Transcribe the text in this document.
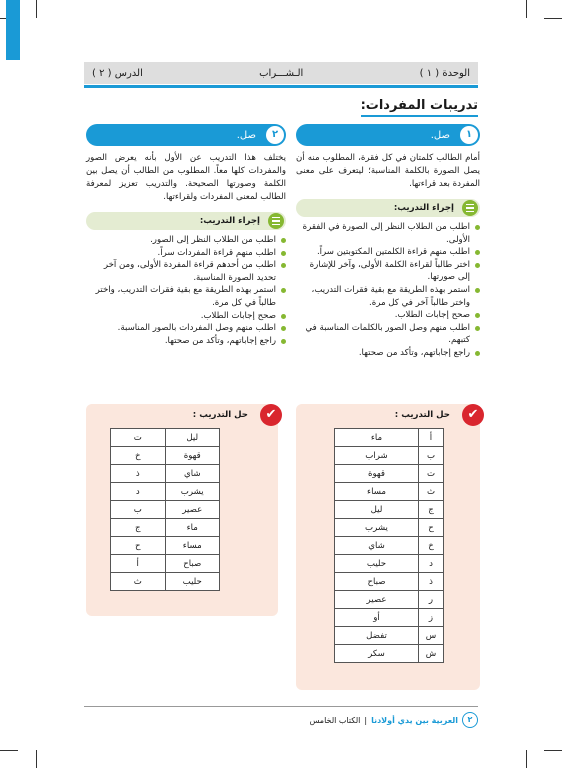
الوحدة ( ١ )
الـشـــراب
الدرس ( ٢ )
تدريبات المفردات:
١
صل.
أمام الطالب كلمتان في كل فقرة، المطلوب منه أن يصل الصورة بالكلمة المناسبة؛ ليتعرف على معنى المفردة بعد قراءتها.
إجراء التدريب:
اطلب من الطلاب النظر إلى الصورة في الفقرة الأولى.
اطلب منهم قراءة الكلمتين المكتوبتين سراً.
اختر طالباً لقراءة الكلمة الأولى، وآخر للإشارة إلى صورتها.
استمر بهذه الطريقة مع بقية فقرات التدريب، واختر طالباً آخر في كل مرة.
صحح إجابات الطلاب.
اطلب منهم وصل الصور بالكلمات المناسبة في كتبهم.
راجع إجاباتهم، وتأكد من صحتها.
٢
صل.
يختلف هذا التدريب عن الأول بأنه يعرض الصور والمفردات كلها معاً. المطلوب من الطالب أن يصل بين الكلمة وصورتها الصحيحة. والتدريب تعزيز لمعرفة الطالب لمعنى المفردات ولقراءتها.
إجراء التدريب:
اطلب من الطلاب النظر إلى الصور.
اطلب منهم قراءة المفردات سراً.
اطلب من أحدهم قراءة المفردة الأولى، ومن آخر تحديد الصورة المناسبة.
استمر بهذه الطريقة مع بقية فقرات التدريب، واختر طالباً في كل مرة.
صحح إجابات الطلاب.
اطلب منهم وصل المفردات بالصور المناسبة.
راجع إجاباتهم، وتأكد من صحتها.
✔
حل التدريب :
أ	ماء
ب	شراب
ت	قهوة
ث	مساء
ج	ليل
ح	يشرب
خ	شاي
د	حليب
ذ	صباح
ر	عصير
ز	أو
س	تفضل
ش	سكر
✔
حل التدريب :
ليل	ت
قهوة	خ
شاي	ذ
يشرب	د
عصير	ب
ماء	ج
مساء	ح
صباح	أ
حليب	ث
٢
العربية بين يدي أولادنا
|
الكتاب الخامس
